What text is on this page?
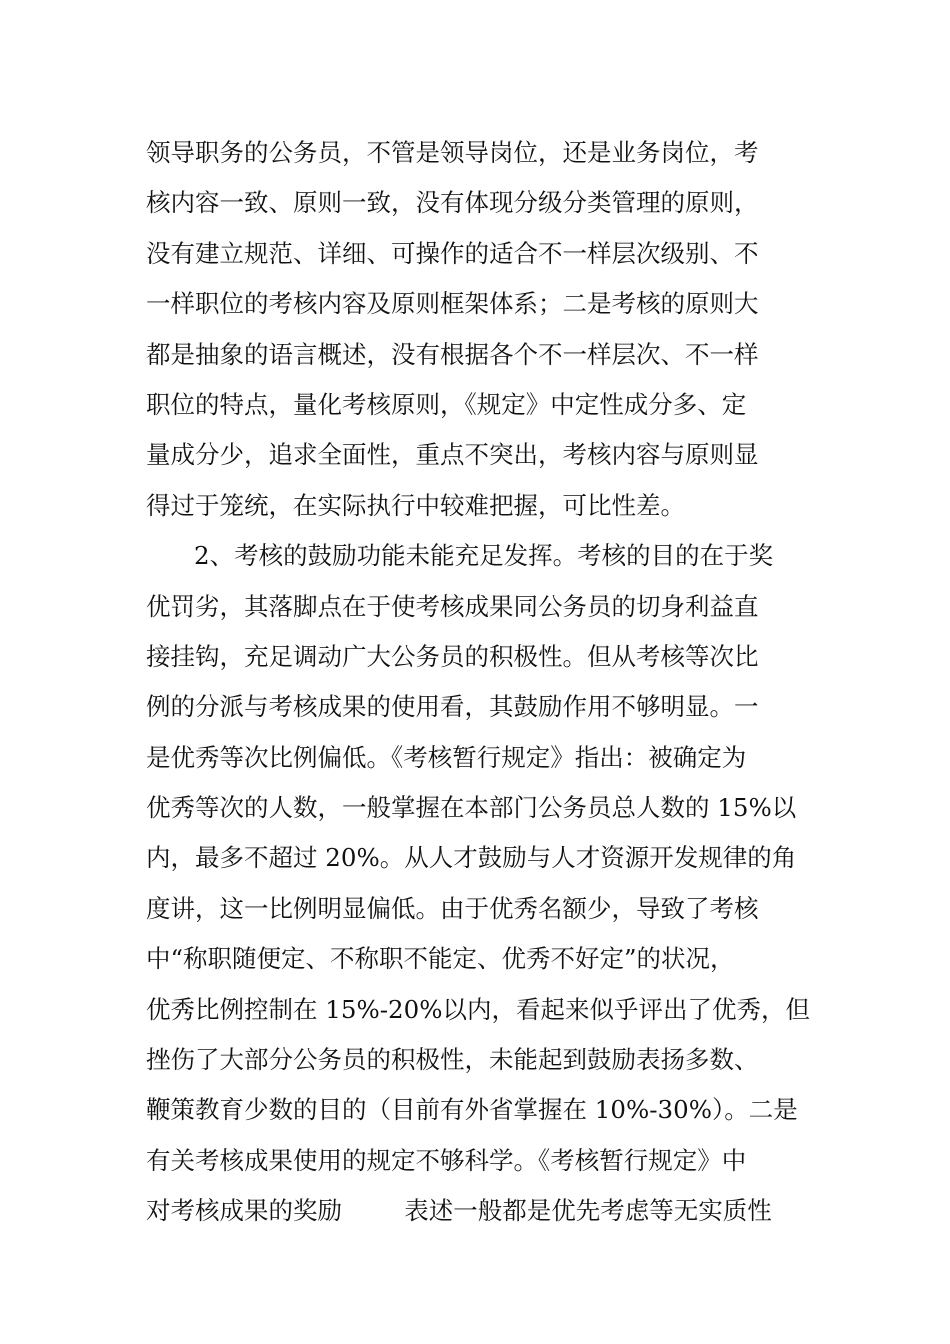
领导职务的公务员，不管是领导岗位，还是业务岗位，考
核内容一致、原则一致，没有体现分级分类管理的原则，
没有建立规范、详细、可操作的适合不一样层次级别、不
一样职位的考核内容及原则框架体系；二是考核的原则大
都是抽象的语言概述，没有根据各个不一样层次、不一样
职位的特点，量化考核原则，《规定》中定性成分多、定
量成分少，追求全面性，重点不突出，考核内容与原则显
得过于笼统，在实际执行中较难把握，可比性差。
2、考核的鼓励功能未能充足发挥。考核的目的在于奖
优罚劣，其落脚点在于使考核成果同公务员的切身利益直
接挂钩，充足调动广大公务员的积极性。但从考核等次比
例的分派与考核成果的使用看，其鼓励作用不够明显。一
是优秀等次比例偏低。《考核暂行规定》指出：被确定为
优秀等次的人数，一般掌握在本部门公务员总人数的 15%以
内，最多不超过 20%。从人才鼓励与人才资源开发规律的角
度讲，这一比例明显偏低。由于优秀名额少，导致了考核
中“称职随便定、不称职不能定、优秀不好定”的状况，
优秀比例控制在 15%-20%以内，看起来似乎评出了优秀，但
挫伤了大部分公务员的积极性，未能起到鼓励表扬多数、
鞭策教育少数的目的（目前有外省掌握在 10%-30%）。二是
有关考核成果使用的规定不够科学。《考核暂行规定》中
对考核成果的奖励        表述一般都是优先考虑等无实质性
